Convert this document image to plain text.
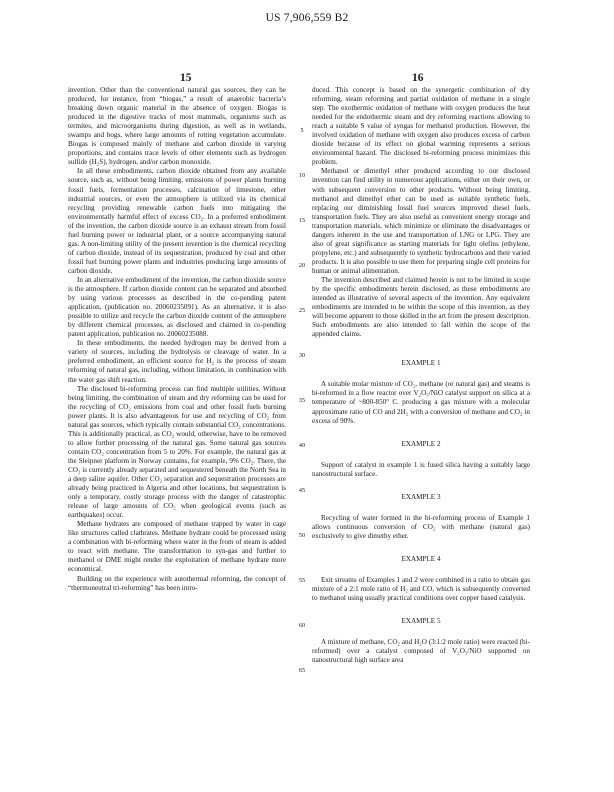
US 7,906,559 B2
15	16

invention. Other than the conventional natural gas sources, they can be produced, for instance, from “biogas,” a result of anaerobic bacteria’s breaking down organic material in the absence of oxygen. Biogas is produced in the digestive tracks of most mammals, organisms such as termites, and microorganisms during digestion, as well as in wetlands, swamps and bogs, where large amounts of rotting vegetation accumulate. Biogas is composed mainly of methane and carbon dioxide in varying proportions, and contains trace levels of other elements such as hydrogen sulfide (H₂S), hydrogen, and/or carbon monoxide.

In all these embodiments, carbon dioxide obtained from any available source, such as, without being limiting, emissions of power plants burning fossil fuels, fermentation processes, calcination of limestone, other industrial sources, or even the atmosphere is utilized via its chemical recycling providing renewable carbon fuels into mitigating the environmentally harmful effect of excess CO₂. In a preferred embodiment of the invention, the carbon dioxide source is an exhaust stream from fossil fuel burning power or industrial plant, or a source accompanying natural gas. A non-limiting utility of the present invention is the chemical recycling of carbon dioxide, instead of its sequestration, produced by coal and other fossil fuel burning power plants and industries producing large amounts of carbon dioxide.

In an alternative embodiment of the invention, the carbon dioxide source is the atmosphere. If carbon dioxide content can be separated and absorbed by using various processes as described in the co-pending patent application, (publication no. 20060235091). As an alternative, it is also possible to utilize and recycle the carbon dioxide content of the atmosphere by different chemical processes, as disclosed and claimed in co-pending patent application, publication no. 20060235088.

In these embodiments, the needed hydrogen may be derived from a variety of sources, including the hydrolysis or cleavage of water. In a preferred embodiment, an efficient source for H₂ is the process of steam reforming of natural gas, including, without limitation, in combination with the water gas shift reaction.

The disclosed bi-reforming process can find multiple utilities. Without being limiting, the combination of steam and dry reforming can be used for the recycling of CO₂ emissions from coal and other fossil fuels burning power plants. It is also advantageous for use and recycling of CO₂ from natural gas sources, which typically contain substantial CO₂ concentrations. This is additionally practical, as CO₂ would, otherwise, have to be removed to allow further processing of the natural gas. Some natural gas sources contain CO₂ concentration from 5 to 20%. For example, the natural gas at the Sleipner platform in Norway contains, for example, 9% CO₂. There, the CO₂ is currently already separated and sequestered beneath the North Sea in a deep saline aquifer. Other CO₂ separation and sequestration processes are already being practiced in Algeria and other locations, but sequestration is only a temporary, costly storage process with the danger of catastrophic release of large amounts of CO₂ when geological events (such as earthquakes) occur.

Methane hydrates are composed of methane trapped by water in cage like structures called clathrates. Methane hydrate could be processed using a combination with bi-reforming where water in the from of steam is added to react with methane. The transformation to syn-gas and further to methanol or DME might render the exploitation of methane hydrate more economical.

Building on the experience with autothermal reforming, the concept of “thermoneutral tri-reforming” has been intro-

5
10
15
20
25
30
35
40
45
50
55
60
65

duced. This concept is based on the synergetic combination of dry reforming, steam reforming and partial oxidation of methane in a single step. The exothermic oxidation of methane with oxygen produces the heat needed for the endothermic steam and dry reforming reactions allowing to reach a suitable S value of syngas for methanol production. However, the involved oxidation of methane with oxygen also produces excess of carbon dioxide because of its effect on global warming represents a serious environmental hazard. The disclosed bi-reforming process minimizes this problem.

Methanol or dimethyl ether produced according to our disclosed invention can find utility in numerous applications, either on their own, or with subsequent conversion to other products. Without being limiting, methanol and dimethyl ether can be used as suitable synthetic fuels, replacing our diminishing fossil fuel sources improved diesel fuels, transportation fuels. They are also useful as convenient energy storage and transportation materials, which minimize or eliminate the disadvantages or dangers inherent in the use and transportation of LNG or LPG. They are also of great significance as starting materials for light olefins (ethylene, propylene, etc.) and subsequently to synthetic hydrocarbons and their varied products. It is also possible to use them for preparing single cell proteins for human or animal alimentation.

The invention described and claimed herein is not to be limited in scope by the specific embodiments herein disclosed, as these embodiments are intended as illustrative of several aspects of the invention. Any equivalent embodiments are intended to be within the scope of this invention, as they will become apparent to those skilled in the art from the present description. Such embodiments are also intended to fall within the scope of the appended claims.

EXAMPLE 1

A suitable molar mixture of CO₂, methane (or natural gas) and steams is bi-reformed in a flow reactor over V₂O₅/NiO catalyst support on silica at a temperature of ~800-850° C. producing a gas mixture with a molecular approximate ratio of CO and 2H₂ with a conversion of methane and CO₂ in excess of 90%.

EXAMPLE 2

Support of catalyst in example 1 is fused silica having a suitably large nanostructural surface.

EXAMPLE 3

Recycling of water formed in the bi-reforming process of Example 1 allows continuous conversion of CO₂ with methane (natural gas) exclusively to give dimethy ether.

EXAMPLE 4

Exit streams of Examples 1 and 2 were combined in a ratio to obtain gas mixture of a 2:1 mole ratio of H₂ and CO, which is subsequently converted to methanol using usually practical conditions over copper based catalysis.

EXAMPLE 5

A mixture of methane, CO₂ and H₂O (3:1:2 mole ratio) were reacted (bi-reformed) over a catalyst composed of V₂O₅/NiO supported on nanostructural high surface area
